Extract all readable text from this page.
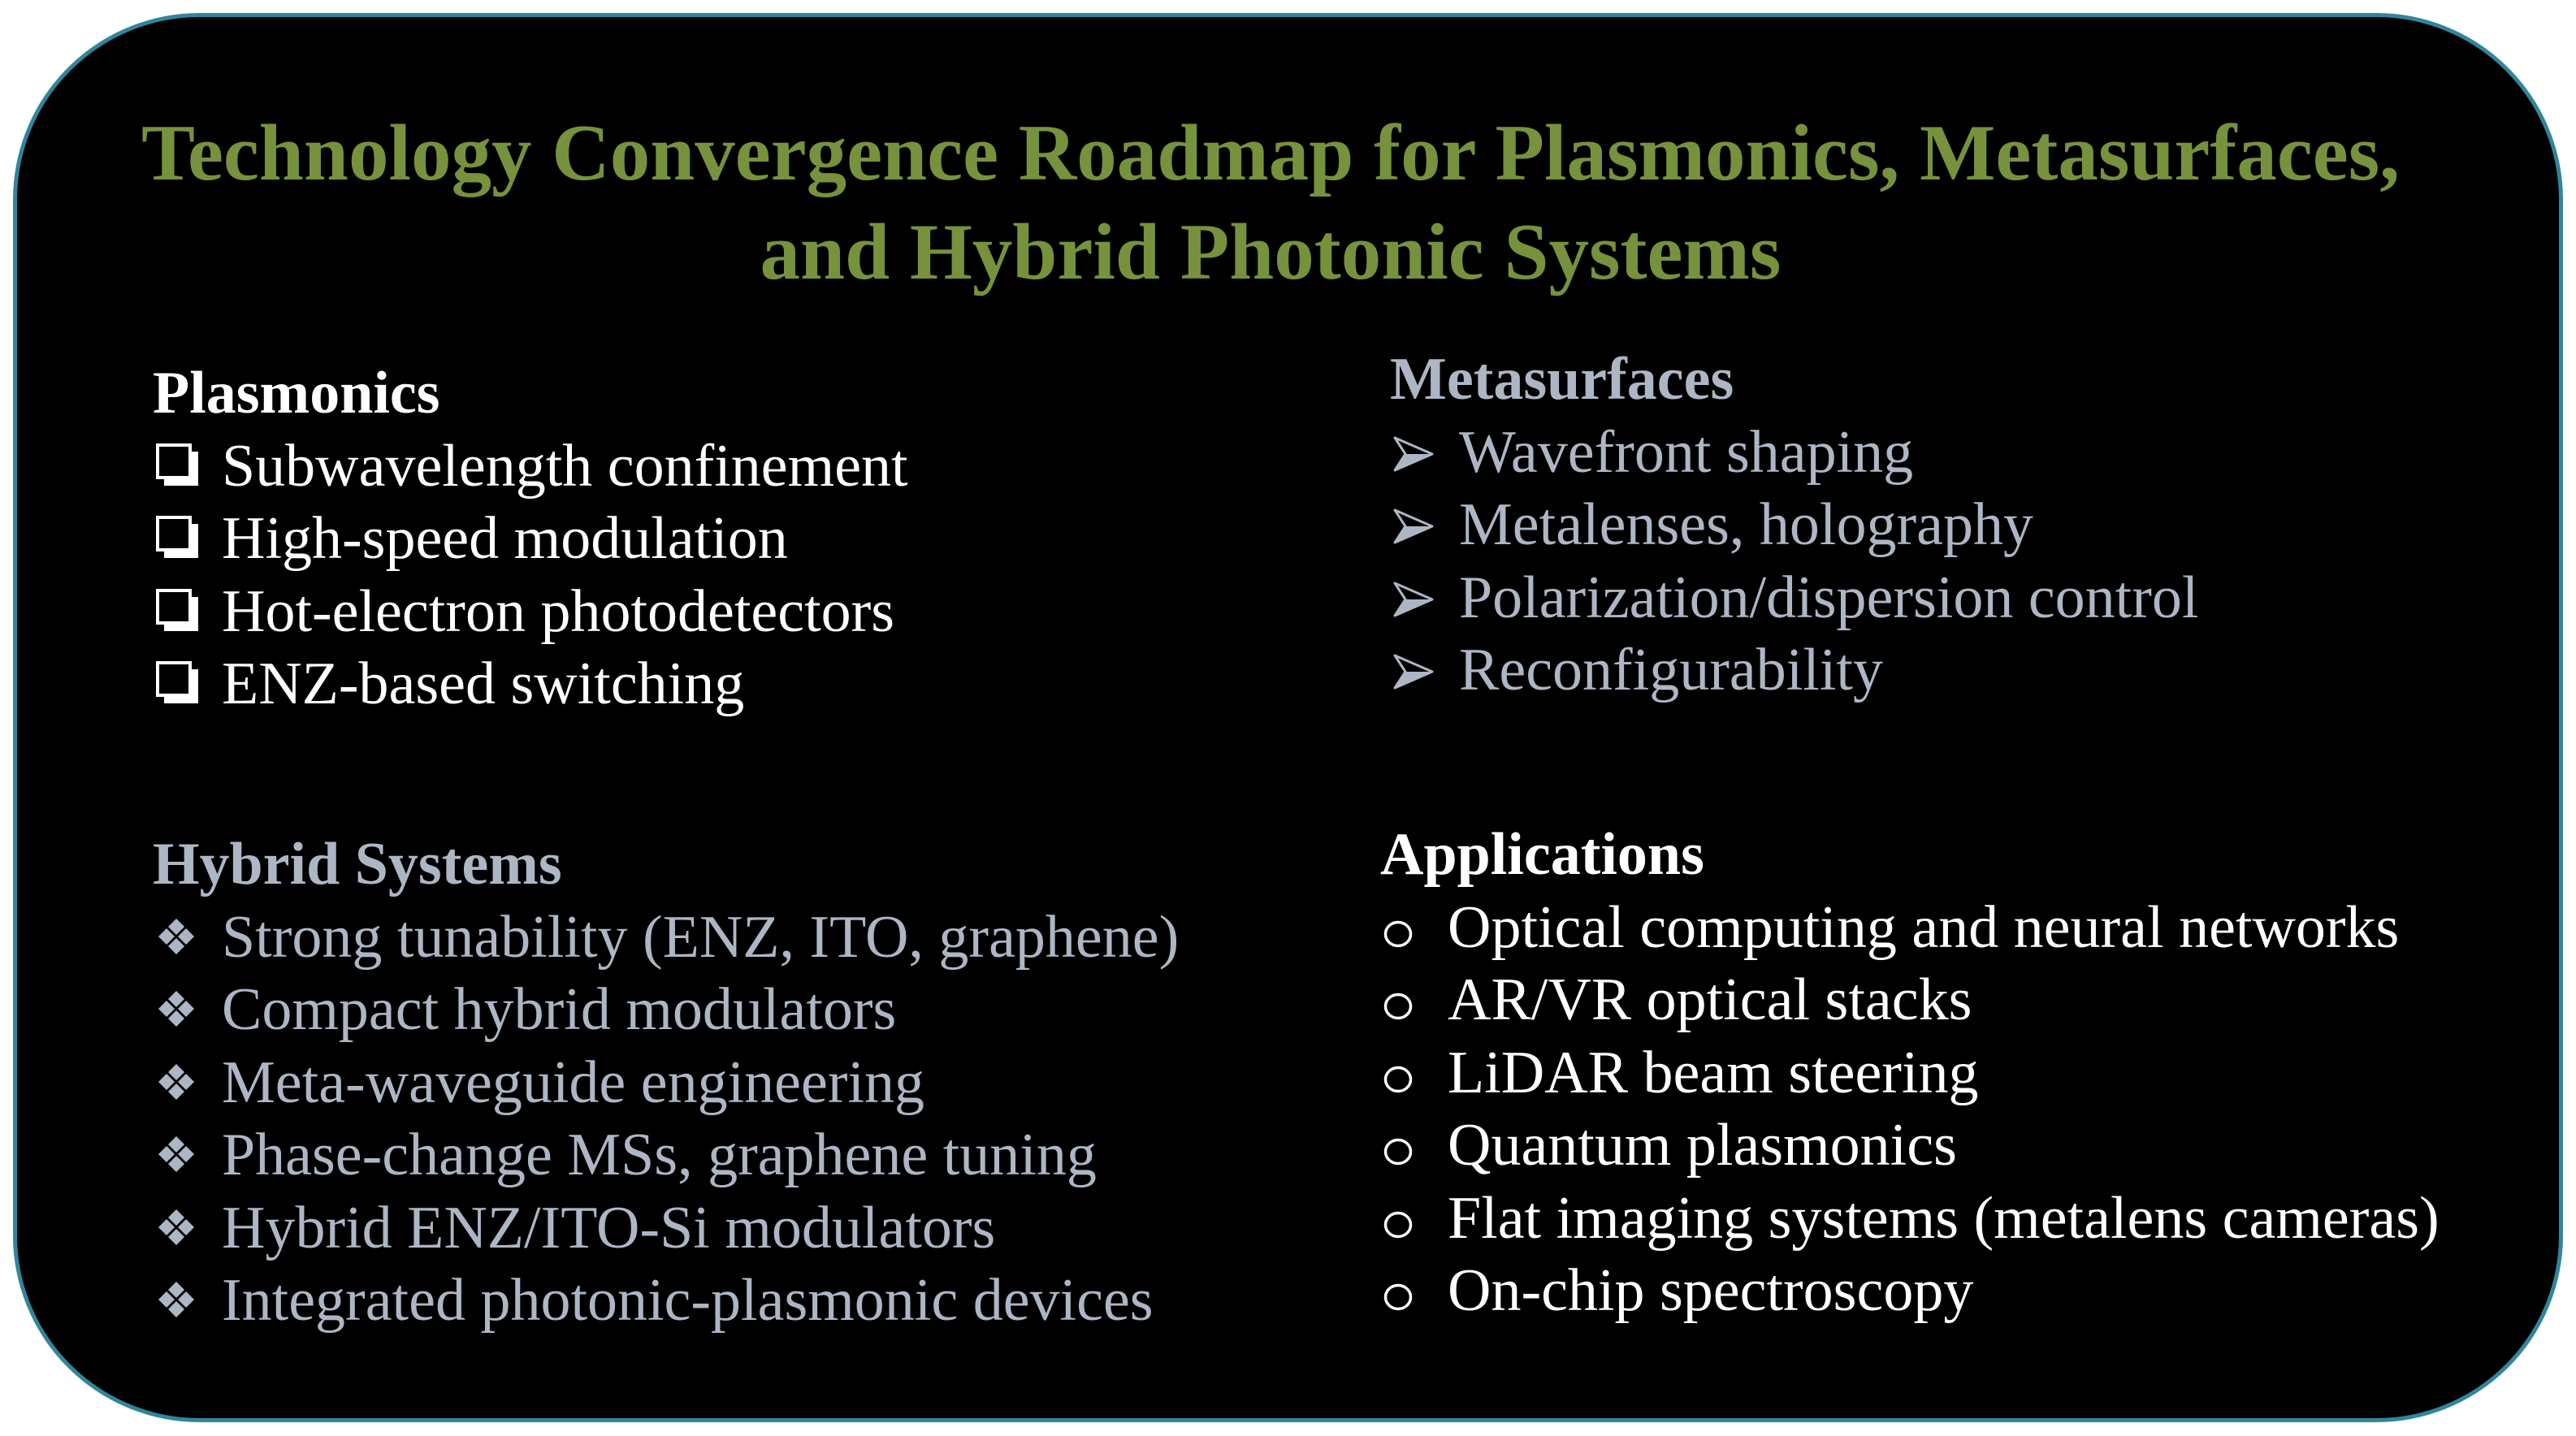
Technology Convergence Roadmap for Plasmonics, Metasurfaces, and Hybrid Photonic Systems
Plasmonics
Subwavelength confinement
High-speed modulation
Hot-electron photodetectors
ENZ-based switching
Metasurfaces
Wavefront shaping
Metalenses, holography
Polarization/dispersion control
Reconfigurability
Hybrid Systems
Strong tunability (ENZ, ITO, graphene)
Compact hybrid modulators
Meta-waveguide engineering
Phase-change MSs, graphene tuning
Hybrid ENZ/ITO-Si modulators
Integrated photonic-plasmonic devices
Applications
Optical computing and neural networks
AR/VR optical stacks
LiDAR beam steering
Quantum plasmonics
Flat imaging systems (metalens cameras)
On-chip spectroscopy
